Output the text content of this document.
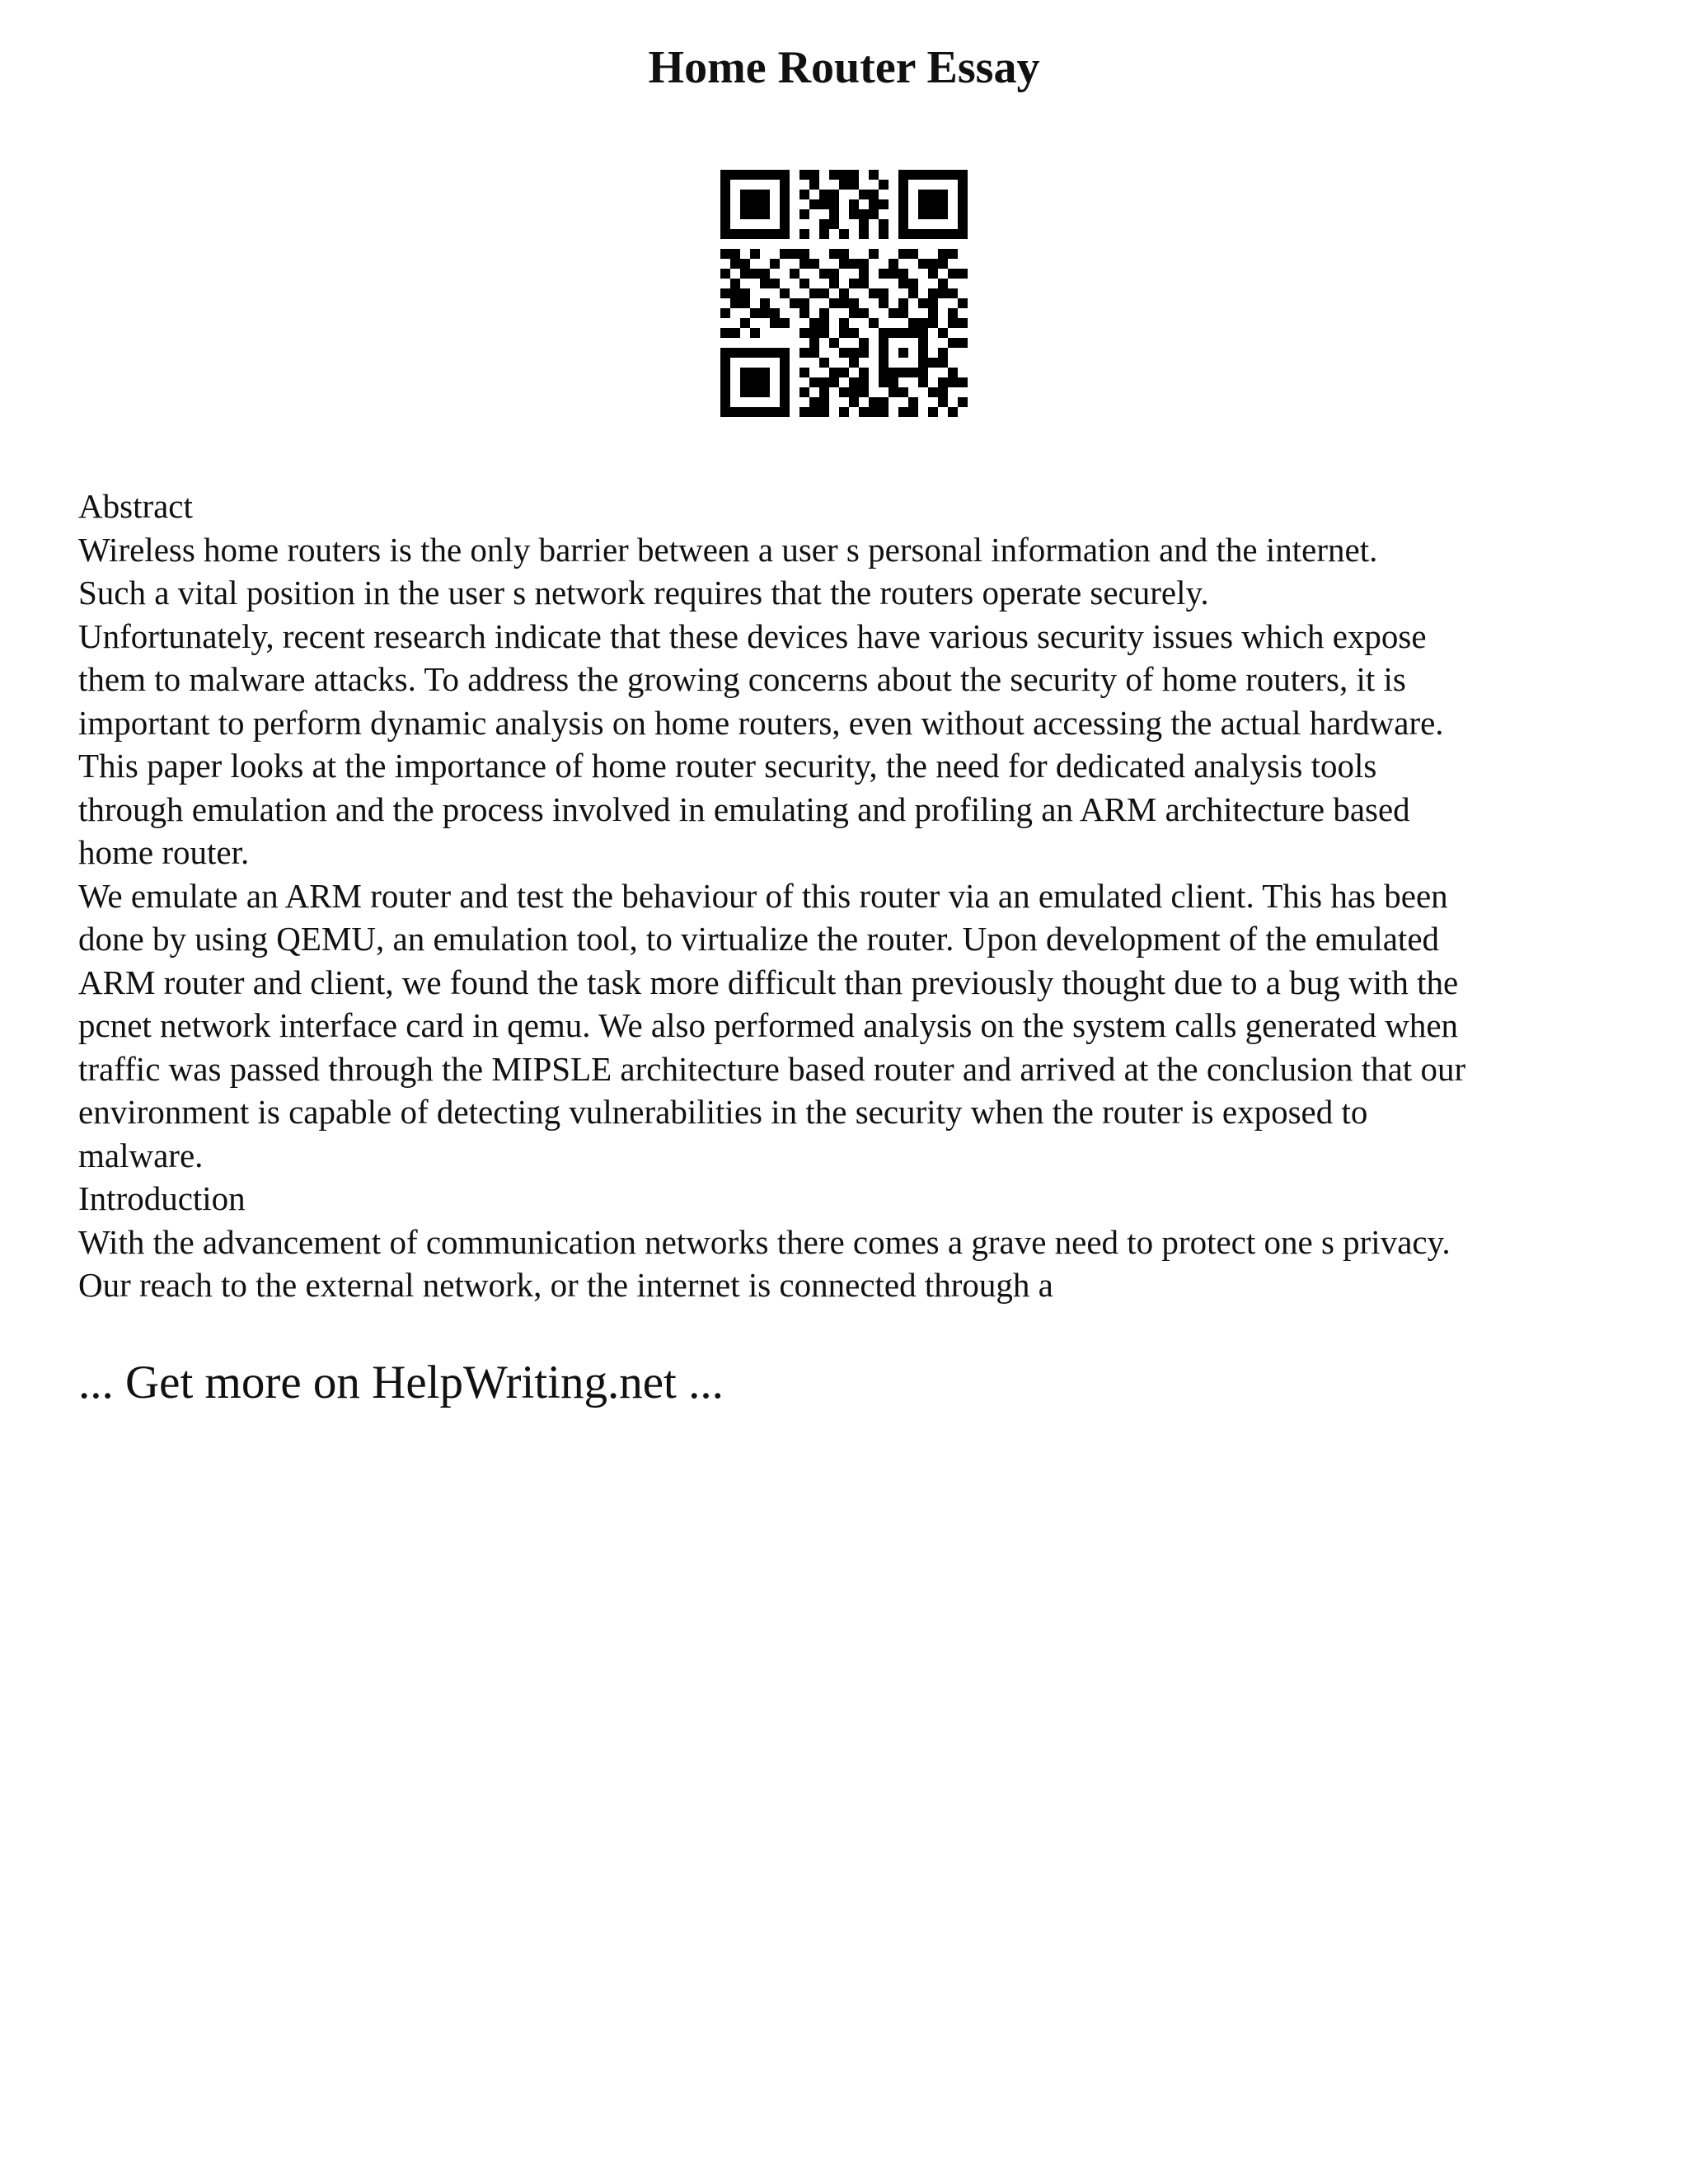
Home Router Essay
Abstract
Wireless home routers is the only barrier between a user s personal information and the internet.
Such a vital position in the user s network requires that the routers operate securely.
Unfortunately, recent research indicate that these devices have various security issues which expose
them to malware attacks. To address the growing concerns about the security of home routers, it is
important to perform dynamic analysis on home routers, even without accessing the actual hardware.
This paper looks at the importance of home router security, the need for dedicated analysis tools
through emulation and the process involved in emulating and profiling an ARM architecture based
home router.
We emulate an ARM router and test the behaviour of this router via an emulated client. This has been
done by using QEMU, an emulation tool, to virtualize the router. Upon development of the emulated
ARM router and client, we found the task more difficult than previously thought due to a bug with the
pcnet network interface card in qemu. We also performed analysis on the system calls generated when
traffic was passed through the MIPSLE architecture based router and arrived at the conclusion that our
environment is capable of detecting vulnerabilities in the security when the router is exposed to
malware.
Introduction
With the advancement of communication networks there comes a grave need to protect one s privacy.
Our reach to the external network, or the internet is connected through a
... Get more on HelpWriting.net ...
